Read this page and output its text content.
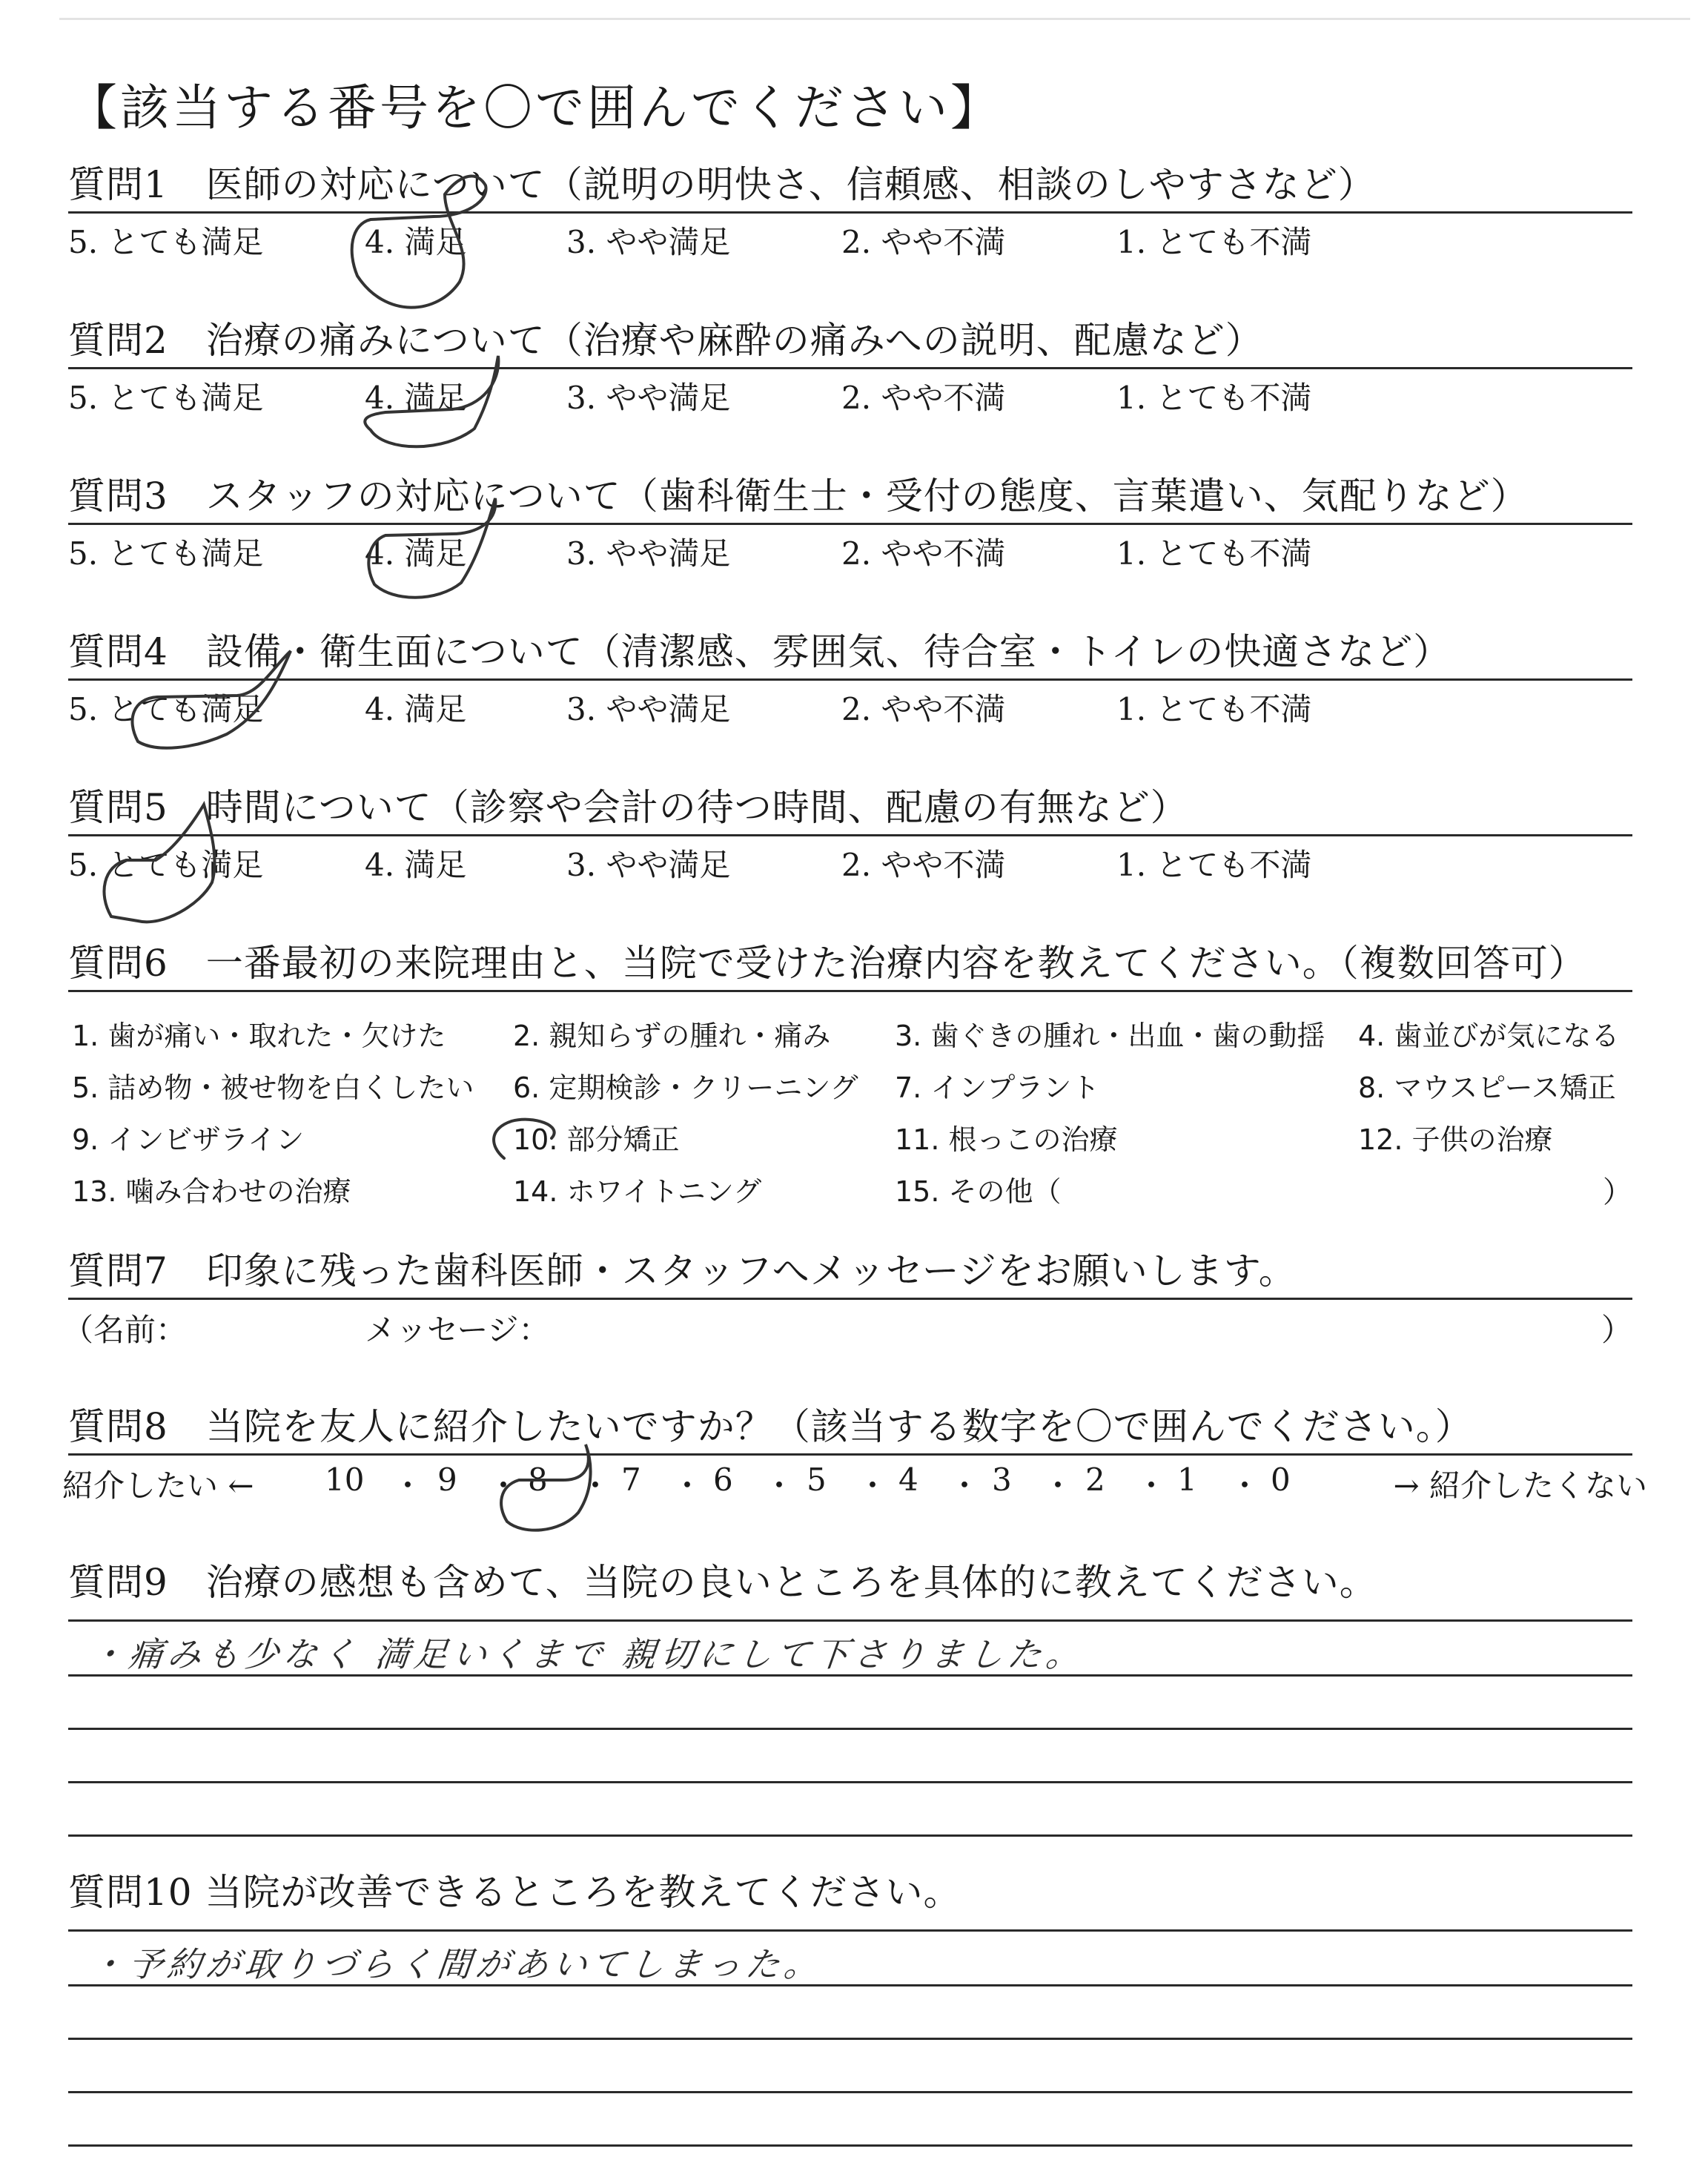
【該当する番号を〇で囲んでください】
質問1　医師の対応について（説明の明快さ、信頼感、相談のしやすさなど）
5. とても満足	4. 満足	3. やや満足	2. やや不満	1. とても不満
質問2　治療の痛みについて（治療や麻酔の痛みへの説明、配慮など）
5. とても満足	4. 満足	3. やや満足	2. やや不満	1. とても不満
質問3　スタッフの対応について（歯科衛生士・受付の態度、言葉遣い、気配りなど）
5. とても満足	4. 満足	3. やや満足	2. やや不満	1. とても不満
質問4　設備・衛生面について（清潔感、雰囲気、待合室・トイレの快適さなど）
5. とても満足	4. 満足	3. やや満足	2. やや不満	1. とても不満
質問5　時間について（診察や会計の待つ時間、配慮の有無など）
5. とても満足	4. 満足	3. やや満足	2. やや不満	1. とても不満
質問6　一番最初の来院理由と、当院で受けた治療内容を教えてください。（複数回答可）
1. 歯が痛い・取れた・欠けた 2. 親知らずの腫れ・痛み 3. 歯ぐきの腫れ・出血・歯の動揺 4. 歯並びが気になる
5. 詰め物・被せ物を白くしたい 6. 定期検診・クリーニング 7. インプラント	8. マウスピース矯正
9. インビザライン	10. 部分矯正	11. 根っこの治療	12. 子供の治療
13. 噛み合わせの治療	14. ホワイトニング	15. その他（	）
質問7　印象に残った歯科医師・スタッフへメッセージをお願いします。
（名前：	メッセージ：	）
質問8　当院を友人に紹介したいですか？（該当する数字を〇で囲んでください。）
紹介したい ← 10 ・ 9 ・ 8 ・ 7 ・ 6 ・ 5 ・ 4 ・ 3 ・ 2 ・ 1 ・ 0	→ 紹介したくない
質問9　治療の感想も含めて、当院の良いところを具体的に教えてください。
・痛みも少なく 満足いくまで 親切にして下さりました。
質問10 当院が改善できるところを教えてください。
・予約が取りづらく間があいてしまった。
